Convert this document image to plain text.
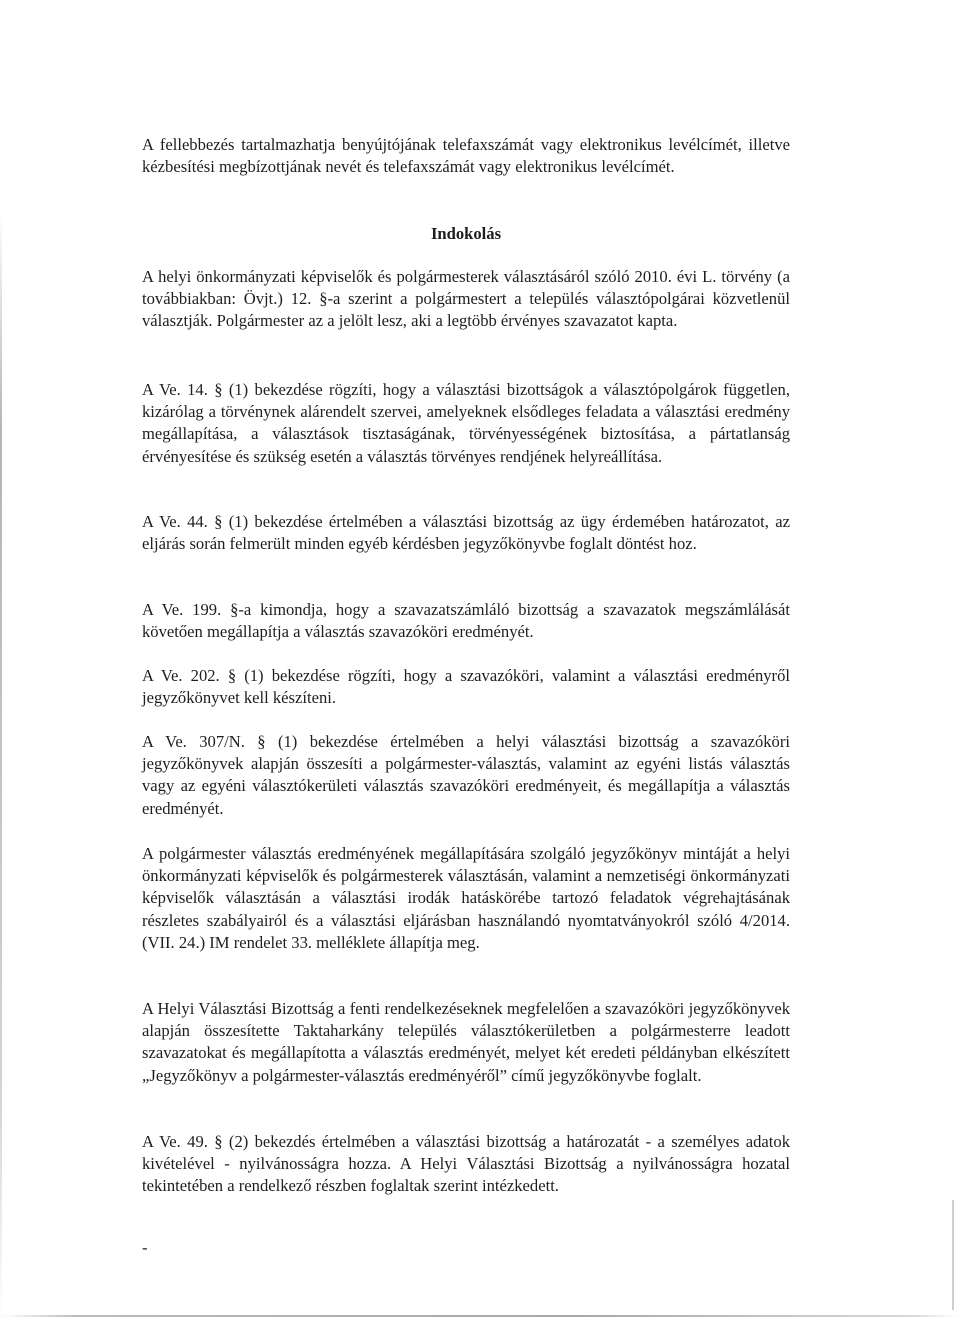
A fellebbezés tartalmazhatja benyújtójának telefaxszámát vagy elektronikus levélcímét, illetve kézbesítési megbízottjának nevét és telefaxszámát vagy elektronikus levélcímét.

Indokolás

A helyi önkormányzati képviselők és polgármesterek választásáról szóló 2010. évi L. törvény (a továbbiakban: Övjt.) 12. §-a szerint a polgármestert a település választópolgárai közvetlenül választják. Polgármester az a jelölt lesz, aki a legtöbb érvényes szavazatot kapta.

A Ve. 14. § (1) bekezdése rögzíti, hogy a választási bizottságok a választópolgárok független, kizárólag a törvénynek alárendelt szervei, amelyeknek elsődleges feladata a választási eredmény megállapítása, a választások tisztaságának, törvényességének biztosítása, a pártatlanság érvényesítése és szükség esetén a választás törvényes rendjének helyreállítása.

A Ve. 44. § (1) bekezdése értelmében a választási bizottság az ügy érdemében határozatot, az eljárás során felmerült minden egyéb kérdésben jegyzőkönyvbe foglalt döntést hoz.

A Ve. 199. §-a kimondja, hogy a szavazatszámláló bizottság a szavazatok megszámlálását követően megállapítja a választás szavazóköri eredményét.

A Ve. 202. § (1) bekezdése rögzíti, hogy a szavazóköri, valamint a választási eredményről jegyzőkönyvet kell készíteni.

A Ve. 307/N. § (1) bekezdése értelmében a helyi választási bizottság a szavazóköri jegyzőkönyvek alapján összesíti a polgármester-választás, valamint az egyéni listás választás vagy az egyéni választókerületi választás szavazóköri eredményeit, és megállapítja a választás eredményét.

A polgármester választás eredményének megállapítására szolgáló jegyzőkönyv mintáját a helyi önkormányzati képviselők és polgármesterek választásán, valamint a nemzetiségi önkormányzati képviselők választásán a választási irodák hatáskörébe tartozó feladatok végrehajtásának részletes szabályairól és a választási eljárásban használandó nyomtatványokról szóló 4/2014. (VII. 24.) IM rendelet 33. melléklete állapítja meg.

A Helyi Választási Bizottság a fenti rendelkezéseknek megfelelően a szavazóköri jegyzőkönyvek alapján összesítette Taktaharkány település választókerületben a polgármesterre leadott szavazatokat és megállapította a választás eredményét, melyet két eredeti példányban elkészített „Jegyzőkönyv a polgármester-választás eredményéről” című jegyzőkönyvbe foglalt.

A Ve. 49. § (2) bekezdés értelmében a választási bizottság a határozatát - a személyes adatok kivételével - nyilvánosságra hozza. A Helyi Választási Bizottság a nyilvánosságra hozatal tekintetében a rendelkező részben foglaltak szerint intézkedett.

-
